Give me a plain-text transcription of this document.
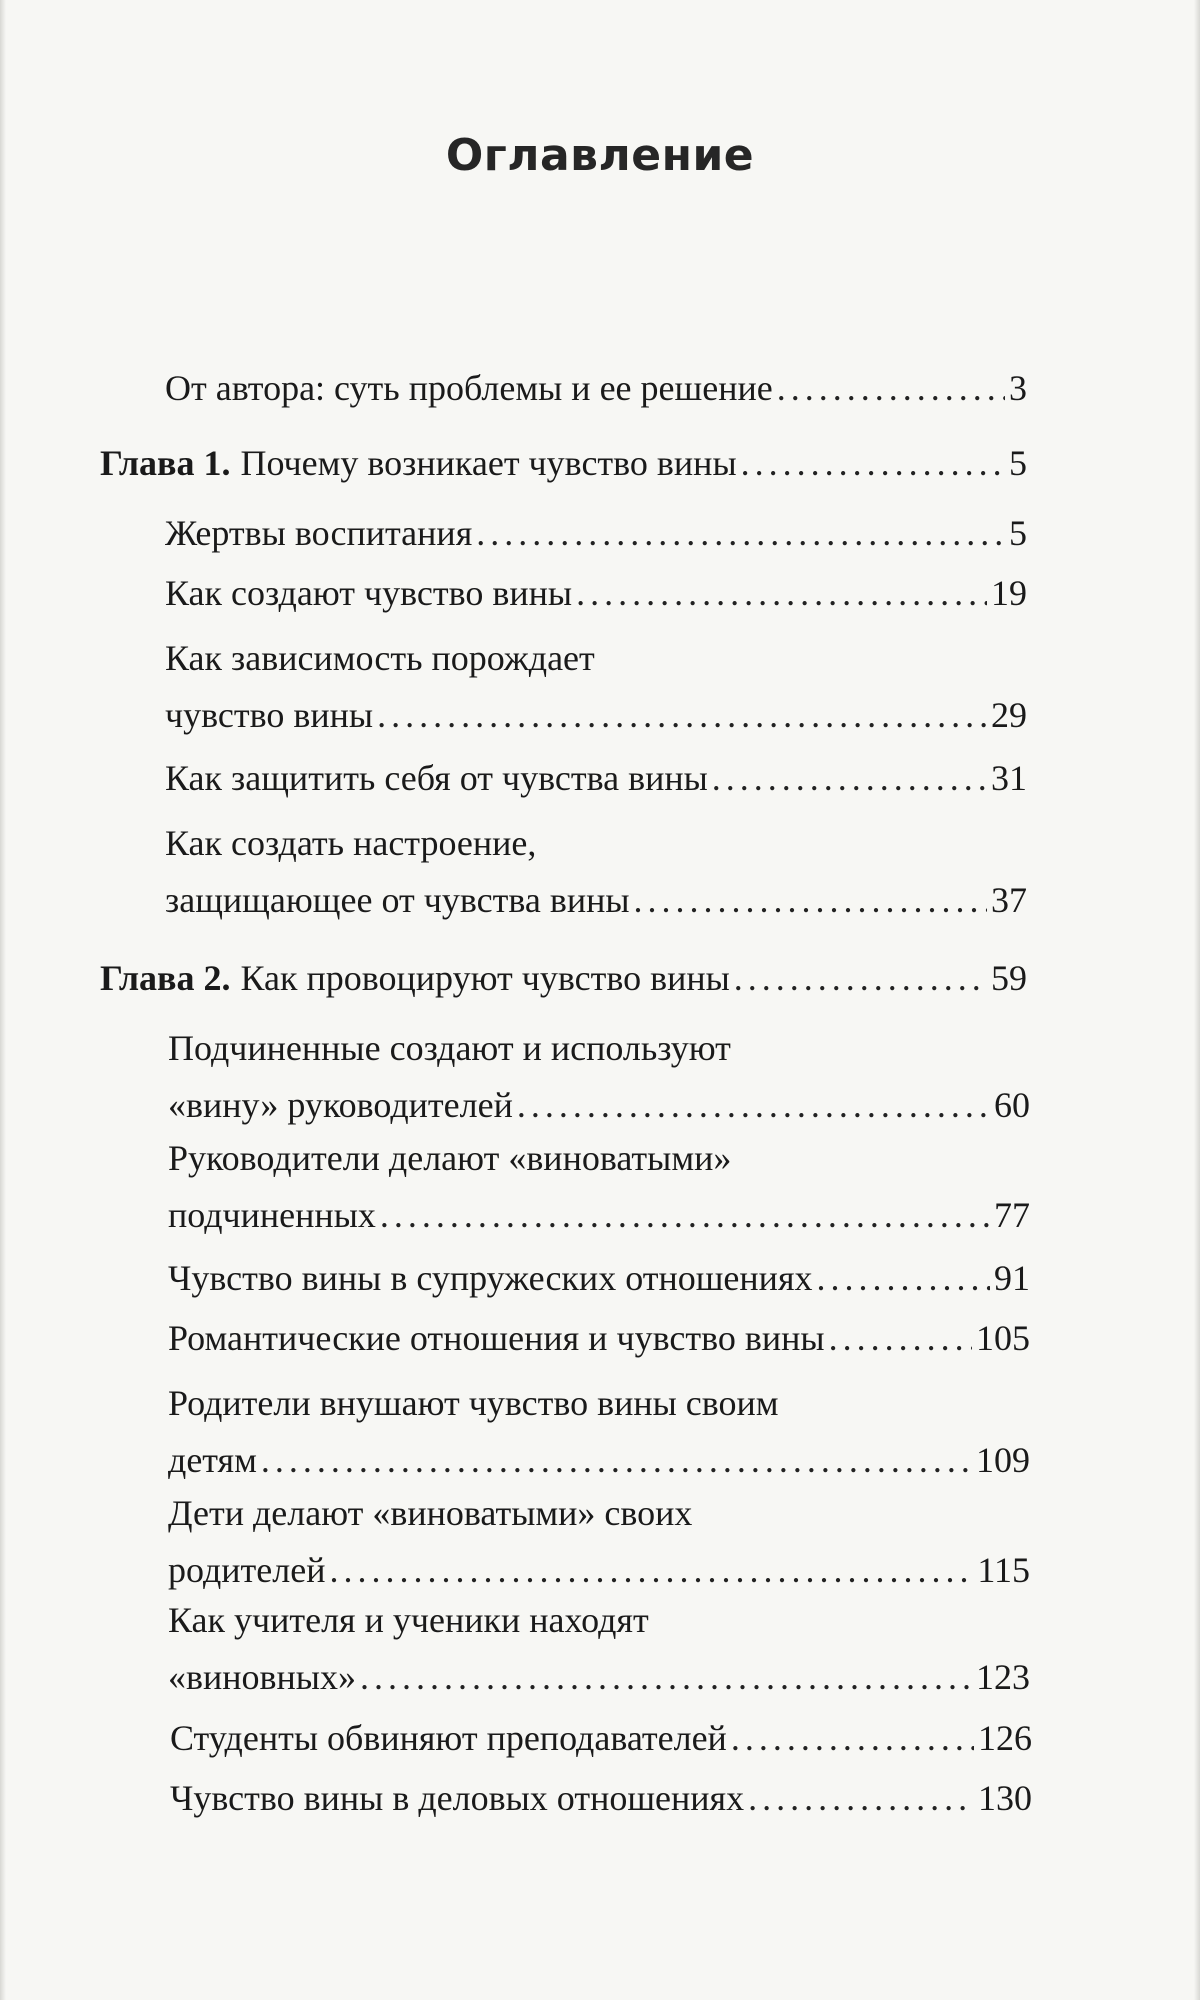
Оглавление
От автора: суть проблемы и ее решение . . .	3
Глава 1. Почему возникает чувство вины . . .	5
Жертвы воспитания . . .	5
Как создают чувство вины . . .	19
Как зависимость порождает
чувство вины . . .	29
Как защитить себя от чувства вины . . .	31
Как создать настроение,
защищающее от чувства вины . . .	37
Глава 2. Как провоцируют чувство вины . . .	59
Подчиненные создают и используют
«вину» руководителей . . .	60
Руководители делают «виноватыми»
подчиненных . . .	77
Чувство вины в супружеских отношениях . . .	91
Романтические отношения и чувство вины . . .	105
Родители внушают чувство вины своим
детям . . .	109
Дети делают «виноватыми» своих
родителей . . .	115
Как учителя и ученики находят
«виновных» . . .	123
Студенты обвиняют преподавателей . . .	126
Чувство вины в деловых отношениях . . .	130
